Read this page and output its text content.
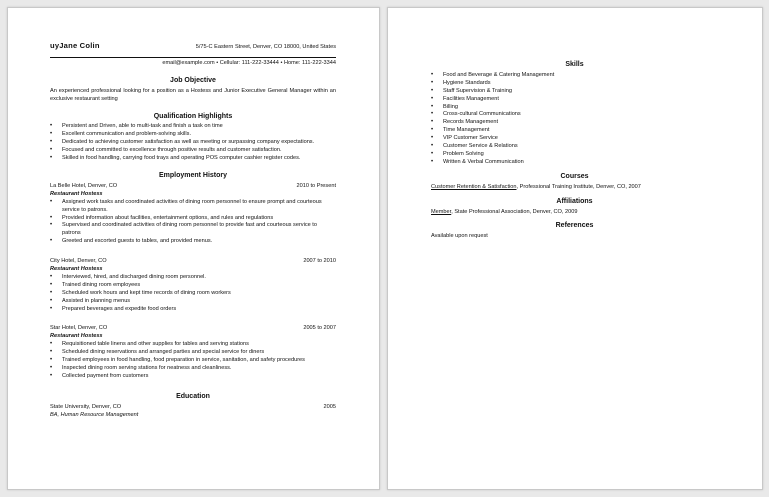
uyJane Colin	5/75-C Eastern Street, Denver, CO 18000, United States
email@example.com • Cellular: 111-222-33444 • Home: 111-222-3344
Job Objective

An experienced professional looking for a position as a Hostess and Junior Executive General Manager within an exclusive restaurant setting

Qualification Highlights
• Persistent and Driven, able to multi-task and finish a task on time
• Excellent communication and problem-solving skills.
• Dedicated to achieving customer satisfaction as well as meeting or surpassing company expectations.
• Focused and committed to excellence through positive results and customer satisfaction.
• Skilled in food handling, carrying food trays and operating POS computer cashier register codes.
Employment History
La Belle Hotel, Denver, CO	2010 to Present
Restaurant Hostess
• Assigned work tasks and coordinated activities of dining room personnel to ensure prompt and courteous service to patrons.
• Provided information about facilities, entertainment options, and rules and regulations
• Supervised and coordinated activities of dining room personnel to provide fast and courteous service to patrons
• Greeted and escorted guests to tables, and provided menus.
City Hotel, Denver, CO	2007 to 2010
Restaurant Hostess
• Interviewed, hired, and discharged dining room personnel.
• Trained dining room employees
• Scheduled work hours and kept time records of dining room workers
• Assisted in planning menus
• Prepared beverages and expedite food orders
Star Hotel, Denver, CO	2005 to 2007
Restaurant Hostess
• Requisitioned table linens and other supplies for tables and serving stations
• Scheduled dining reservations and arranged parties and special service for diners
• Trained employees in food handling, food preparation in service, sanitation, and safety procedures
• Inspected dining room serving stations for neatness and cleanliness.
• Collected payment from customers
Education
State University, Denver, CO	2005
BA, Human Resource Management
Skills
• Food and Beverage & Catering Management
• Hygiene Standards
• Staff Supervision & Training
• Facilities Management
• Billing
• Cross-cultural Communications
• Records Management
• Time Management
• VIP Customer Service
• Customer Service & Relations
• Problem Solving
• Written & Verbal Communication
Courses
Customer Retention & Satisfaction, Professional Training Institute, Denver, CO, 2007
Affiliations
Member, State Professional Association, Denver, CO, 2009
References
Available upon request
